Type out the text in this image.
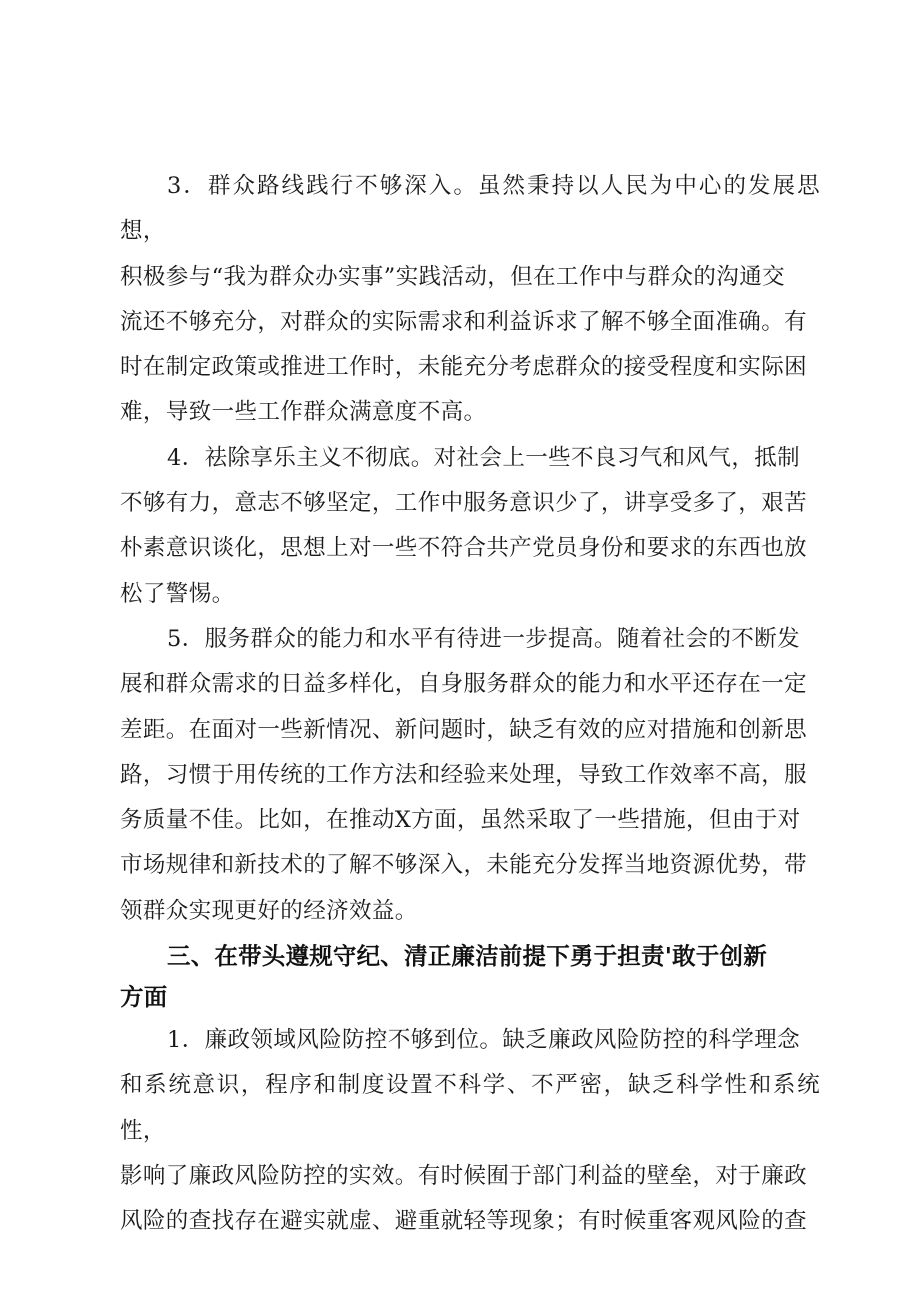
3．群众路线践行不够深入。虽然秉持以人民为中心的发展思想，
积极参与“我为群众办实事”实践活动，但在工作中与群众的沟通交
流还不够充分，对群众的实际需求和利益诉求了解不够全面准确。有
时在制定政策或推进工作时，未能充分考虑群众的接受程度和实际困
难，导致一些工作群众满意度不高。

4．祛除享乐主义不彻底。对社会上一些不良习气和风气，抵制
不够有力，意志不够坚定，工作中服务意识少了，讲享受多了，艰苦
朴素意识谈化，思想上对一些不符合共产党员身份和要求的东西也放
松了警惕。

5．服务群众的能力和水平有待进一步提高。随着社会的不断发
展和群众需求的日益多样化，自身服务群众的能力和水平还存在一定
差距。在面对一些新情况、新问题时，缺乏有效的应对措施和创新思
路，习惯于用传统的工作方法和经验来处理，导致工作效率不高，服
务质量不佳。比如，在推动X方面，虽然采取了一些措施，但由于对
市场规律和新技术的了解不够深入，未能充分发挥当地资源优势，带
领群众实现更好的经济效益。

三、在带头遵规守纪、清正廉洁前提下勇于担责'敢于创新
方面

1．廉政领域风险防控不够到位。缺乏廉政风险防控的科学理念
和系统意识，程序和制度设置不科学、不严密，缺乏科学性和系统性，
影响了廉政风险防控的实效。有时候囿于部门利益的壁垒，对于廉政
风险的查找存在避实就虚、避重就轻等现象；有时候重客观风险的查
